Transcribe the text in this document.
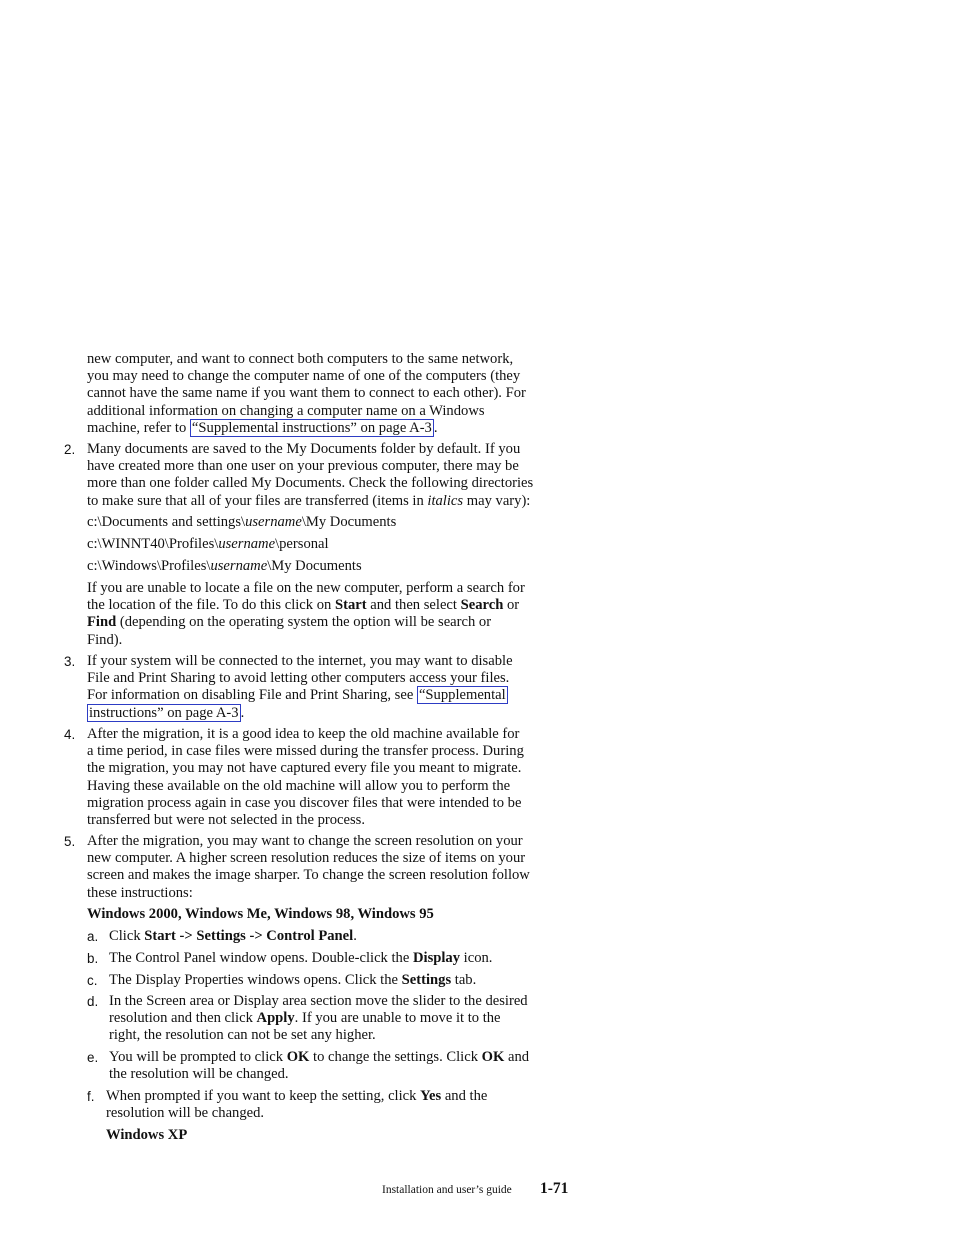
new computer, and want to connect both computers to the same network,
you may need to change the computer name of one of the computers (they
cannot have the same name if you want them to connect to each other). For
additional information on changing a computer name on a Windows
machine, refer to “Supplemental instructions” on page A-3 .
2. Many documents are saved to the My Documents folder by default. If you
have created more than one user on your previous computer, there may be
more than one folder called My Documents. Check the following directories
to make sure that all of your files are transferred (items in italics may vary):
c:\Documents and settings\username\My Documents
c:\WINNT40\Profiles\username\personal
c:\Windows\Profiles\username\My Documents
If you are unable to locate a file on the new computer, perform a search for
the location of the file. To do this click on Start and then select Search or
Find (depending on the operating system the option will be search or
Find).
3. If your system will be connected to the internet, you may want to disable
File and Print Sharing to avoid letting other computers access your files.
For information on disabling File and Print Sharing, see “Supplemental
instructions” on page A-3 .
4. After the migration, it is a good idea to keep the old machine available for
a time period, in case files were missed during the transfer process. During
the migration, you may not have captured every file you meant to migrate.
Having these available on the old machine will allow you to perform the
migration process again in case you discover files that were intended to be
transferred but were not selected in the process.
5. After the migration, you may want to change the screen resolution on your
new computer. A higher screen resolution reduces the size of items on your
screen and makes the image sharper. To change the screen resolution follow
these instructions:
Windows 2000, Windows Me, Windows 98, Windows 95
a. Click Start -> Settings -> Control Panel.
b. The Control Panel window opens. Double-click the Display icon.
c. The Display Properties windows opens. Click the Settings tab.
d. In the Screen area or Display area section move the slider to the desired
resolution and then click Apply. If you are unable to move it to the
right, the resolution can not be set any higher.
e. You will be prompted to click OK to change the settings. Click OK and
the resolution will be changed.
f. When prompted if you want to keep the setting, click Yes and the
resolution will be changed.
Windows XP
Installation and user’s guide 1-71
